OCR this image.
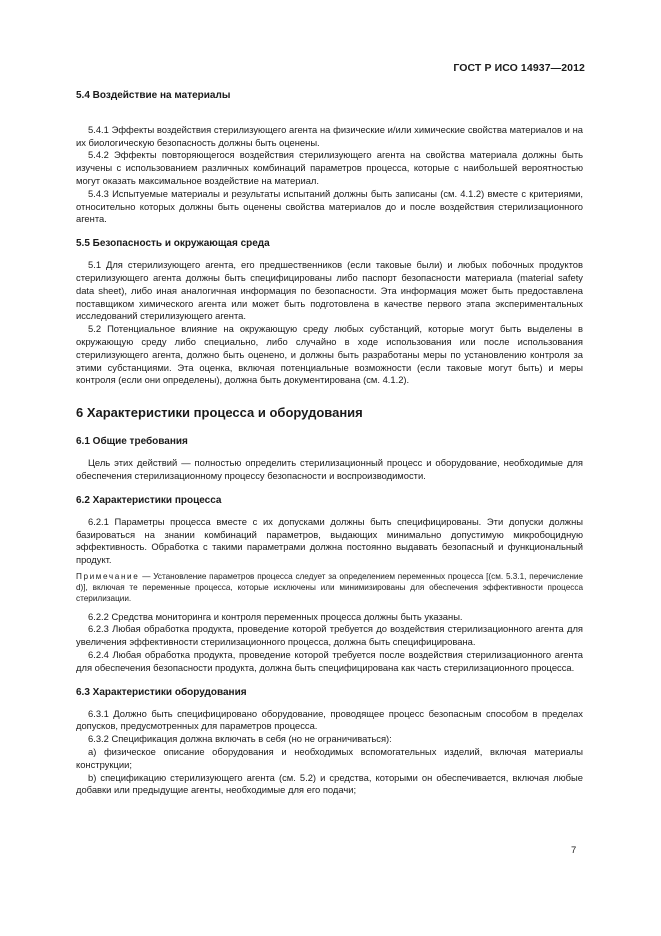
ГОСТ Р ИСО 14937—2012
5.4 Воздействие на материалы

5.4.1 Эффекты воздействия стерилизующего агента на физические и/или химические свойства материалов и на их биологическую безопасность должны быть оценены.

5.4.2 Эффекты повторяющегося воздействия стерилизующего агента на свойства материала должны быть изучены с использованием различных комбинаций параметров процесса, которые с наибольшей вероятностью могут оказать максимальное воздействие на материал.

5.4.3 Испытуемые материалы и результаты испытаний должны быть записаны (см. 4.1.2) вместе с критериями, относительно которых должны быть оценены свойства материалов до и после воздействия стерилизационного агента.

5.5 Безопасность и окружающая среда

5.1 Для стерилизующего агента, его предшественников (если таковые были) и любых побочных продуктов стерилизующего агента должны быть специфицированы либо паспорт безопасности материала (material safety data sheet), либо иная аналогичная информация по безопасности. Эта информация может быть предоставлена поставщиком химического агента или может быть подготовлена в качестве первого этапа экспериментальных исследований стерилизующего агента.

5.2 Потенциальное влияние на окружающую среду любых субстанций, которые могут быть выделены в окружающую среду либо специально, либо случайно в ходе использования или после использования стерилизующего агента, должно быть оценено, и должны быть разработаны меры по установлению контроля за этими субстанциями. Эта оценка, включая потенциальные возможности (если таковые могут быть) и меры контроля (если они определены), должна быть документирована (см. 4.1.2).

6 Характеристики процесса и оборудования
6.1 Общие требования

Цель этих действий — полностью определить стерилизационный процесс и оборудование, необходимые для обеспечения стерилизационному процессу безопасности и воспроизводимости.

6.2 Характеристики процесса

6.2.1 Параметры процесса вместе с их допусками должны быть специфицированы. Эти допуски должны базироваться на знании комбинаций параметров, выдающих минимально допустимую микробоцидную эффективность. Обработка с такими параметрами должна постоянно выдавать безопасный и функциональный продукт.

Примечание — Установление параметров процесса следует за определением переменных процесса [(см. 5.3.1, перечисление d)], включая те переменные процесса, которые исключены или минимизированы для обеспечения эффективности процесса стерилизации.

6.2.2 Средства мониторинга и контроля переменных процесса должны быть указаны.

6.2.3 Любая обработка продукта, проведение которой требуется до воздействия стерилизационного агента для увеличения эффективности стерилизационного процесса, должна быть специфицирована.

6.2.4 Любая обработка продукта, проведение которой требуется после воздействия стерилизационного агента для обеспечения безопасности продукта, должна быть специфицирована как часть стерилизационного процесса.

6.3 Характеристики оборудования

6.3.1 Должно быть специфицировано оборудование, проводящее процесс безопасным способом в пределах допусков, предусмотренных для параметров процесса.

6.3.2 Спецификация должна включать в себя (но не ограничиваться):

a) физическое описание оборудования и необходимых вспомогательных изделий, включая материалы конструкции;

b) спецификацию стерилизующего агента (см. 5.2) и средства, которыми он обеспечивается, включая любые добавки или предыдущие агенты, необходимые для его подачи;

7
